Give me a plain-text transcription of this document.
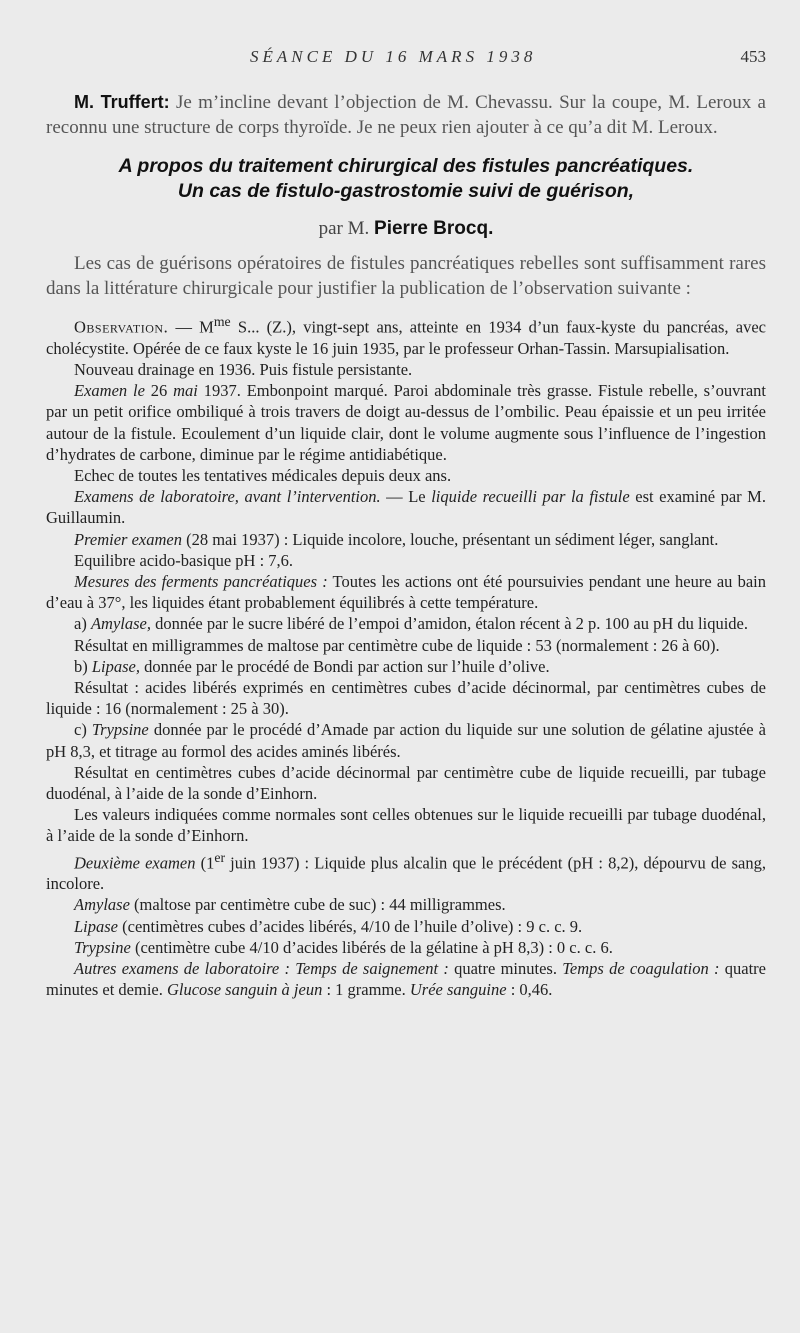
SÉANCE DU 16 MARS 1938	453

M. Truffert: Je m’incline devant l’objection de M. Chevassu. Sur la coupe, M. Leroux a reconnu une structure de corps thyroïde. Je ne peux rien ajouter à ce qu’a dit M. Leroux.

A propos du traitement chirurgical des fistules pancréatiques.
Un cas de fistulo-gastrostomie suivi de guérison,
par M. Pierre Brocq.

Les cas de guérisons opératoires de fistules pancréatiques rebelles sont suffisamment rares dans la littérature chirurgicale pour justifier la publication de l’observation suivante :

Observation. — $M^{me}$ S... (Z.), vingt-sept ans, atteinte en 1934 d’un faux-kyste du pancréas, avec cholécystite. Opérée de ce faux kyste le 16 juin 1935, par le professeur Orhan-Tassin. Marsupialisation.

Nouveau drainage en 1936. Puis fistule persistante.

Examen le 26 mai 1937. Embonpoint marqué. Paroi abdominale très grasse. Fistule rebelle, s’ouvrant par un petit orifice ombiliqué à trois travers de doigt au-dessus de l’ombilic. Peau épaissie et un peu irritée autour de la fistule. Ecoulement d’un liquide clair, dont le volume augmente sous l’influence de l’ingestion d’hydrates de carbone, diminue par le régime antidiabétique.

Echec de toutes les tentatives médicales depuis deux ans.

Examens de laboratoire, avant l’intervention. — Le liquide recueilli par la fistule est examiné par M. Guillaumin.

Premier examen (28 mai 1937) : Liquide incolore, louche, présentant un sédiment léger, sanglant.

Equilibre acido-basique pH : 7,6.

Mesures des ferments pancréatiques : Toutes les actions ont été poursuivies pendant une heure au bain d’eau à 37°, les liquides étant probablement équilibrés à cette température.

a) Amylase, donnée par le sucre libéré de l’empoi d’amidon, étalon récent à 2 p. 100 au pH du liquide.

Résultat en milligrammes de maltose par centimètre cube de liquide : 53 (normalement : 26 à 60).

b) Lipase, donnée par le procédé de Bondi par action sur l’huile d’olive.

Résultat : acides libérés exprimés en centimètres cubes d’acide décinormal, par centimètres cubes de liquide : 16 (normalement : 25 à 30).

c) Trypsine donnée par le procédé d’Amade par action du liquide sur une solution de gélatine ajustée à pH 8,3, et titrage au formol des acides aminés libérés.

Résultat en centimètres cubes d’acide décinormal par centimètre cube de liquide recueilli, par tubage duodénal, à l’aide de la sonde d’Einhorn.

Les valeurs indiquées comme normales sont celles obtenues sur le liquide recueilli par tubage duodénal, à l’aide de la sonde d’Einhorn.

Deuxième examen (1er juin 1937) : Liquide plus alcalin que le précédent (pH : 8,2), dépourvu de sang, incolore.

Amylase (maltose par centimètre cube de suc) : 44 milligrammes.

Lipase (centimètres cubes d’acides libérés, 4/10 de l’huile d’olive) : 9 c. c. 9.

Trypsine (centimètre cube 4/10 d’acides libérés de la gélatine à pH 8,3) : 0 c. c. 6.

Autres examens de laboratoire : Temps de saignement : quatre minutes. Temps de coagulation : quatre minutes et demie. Glucose sanguin à jeun : 1 gramme. Urée sanguine : 0,46.
